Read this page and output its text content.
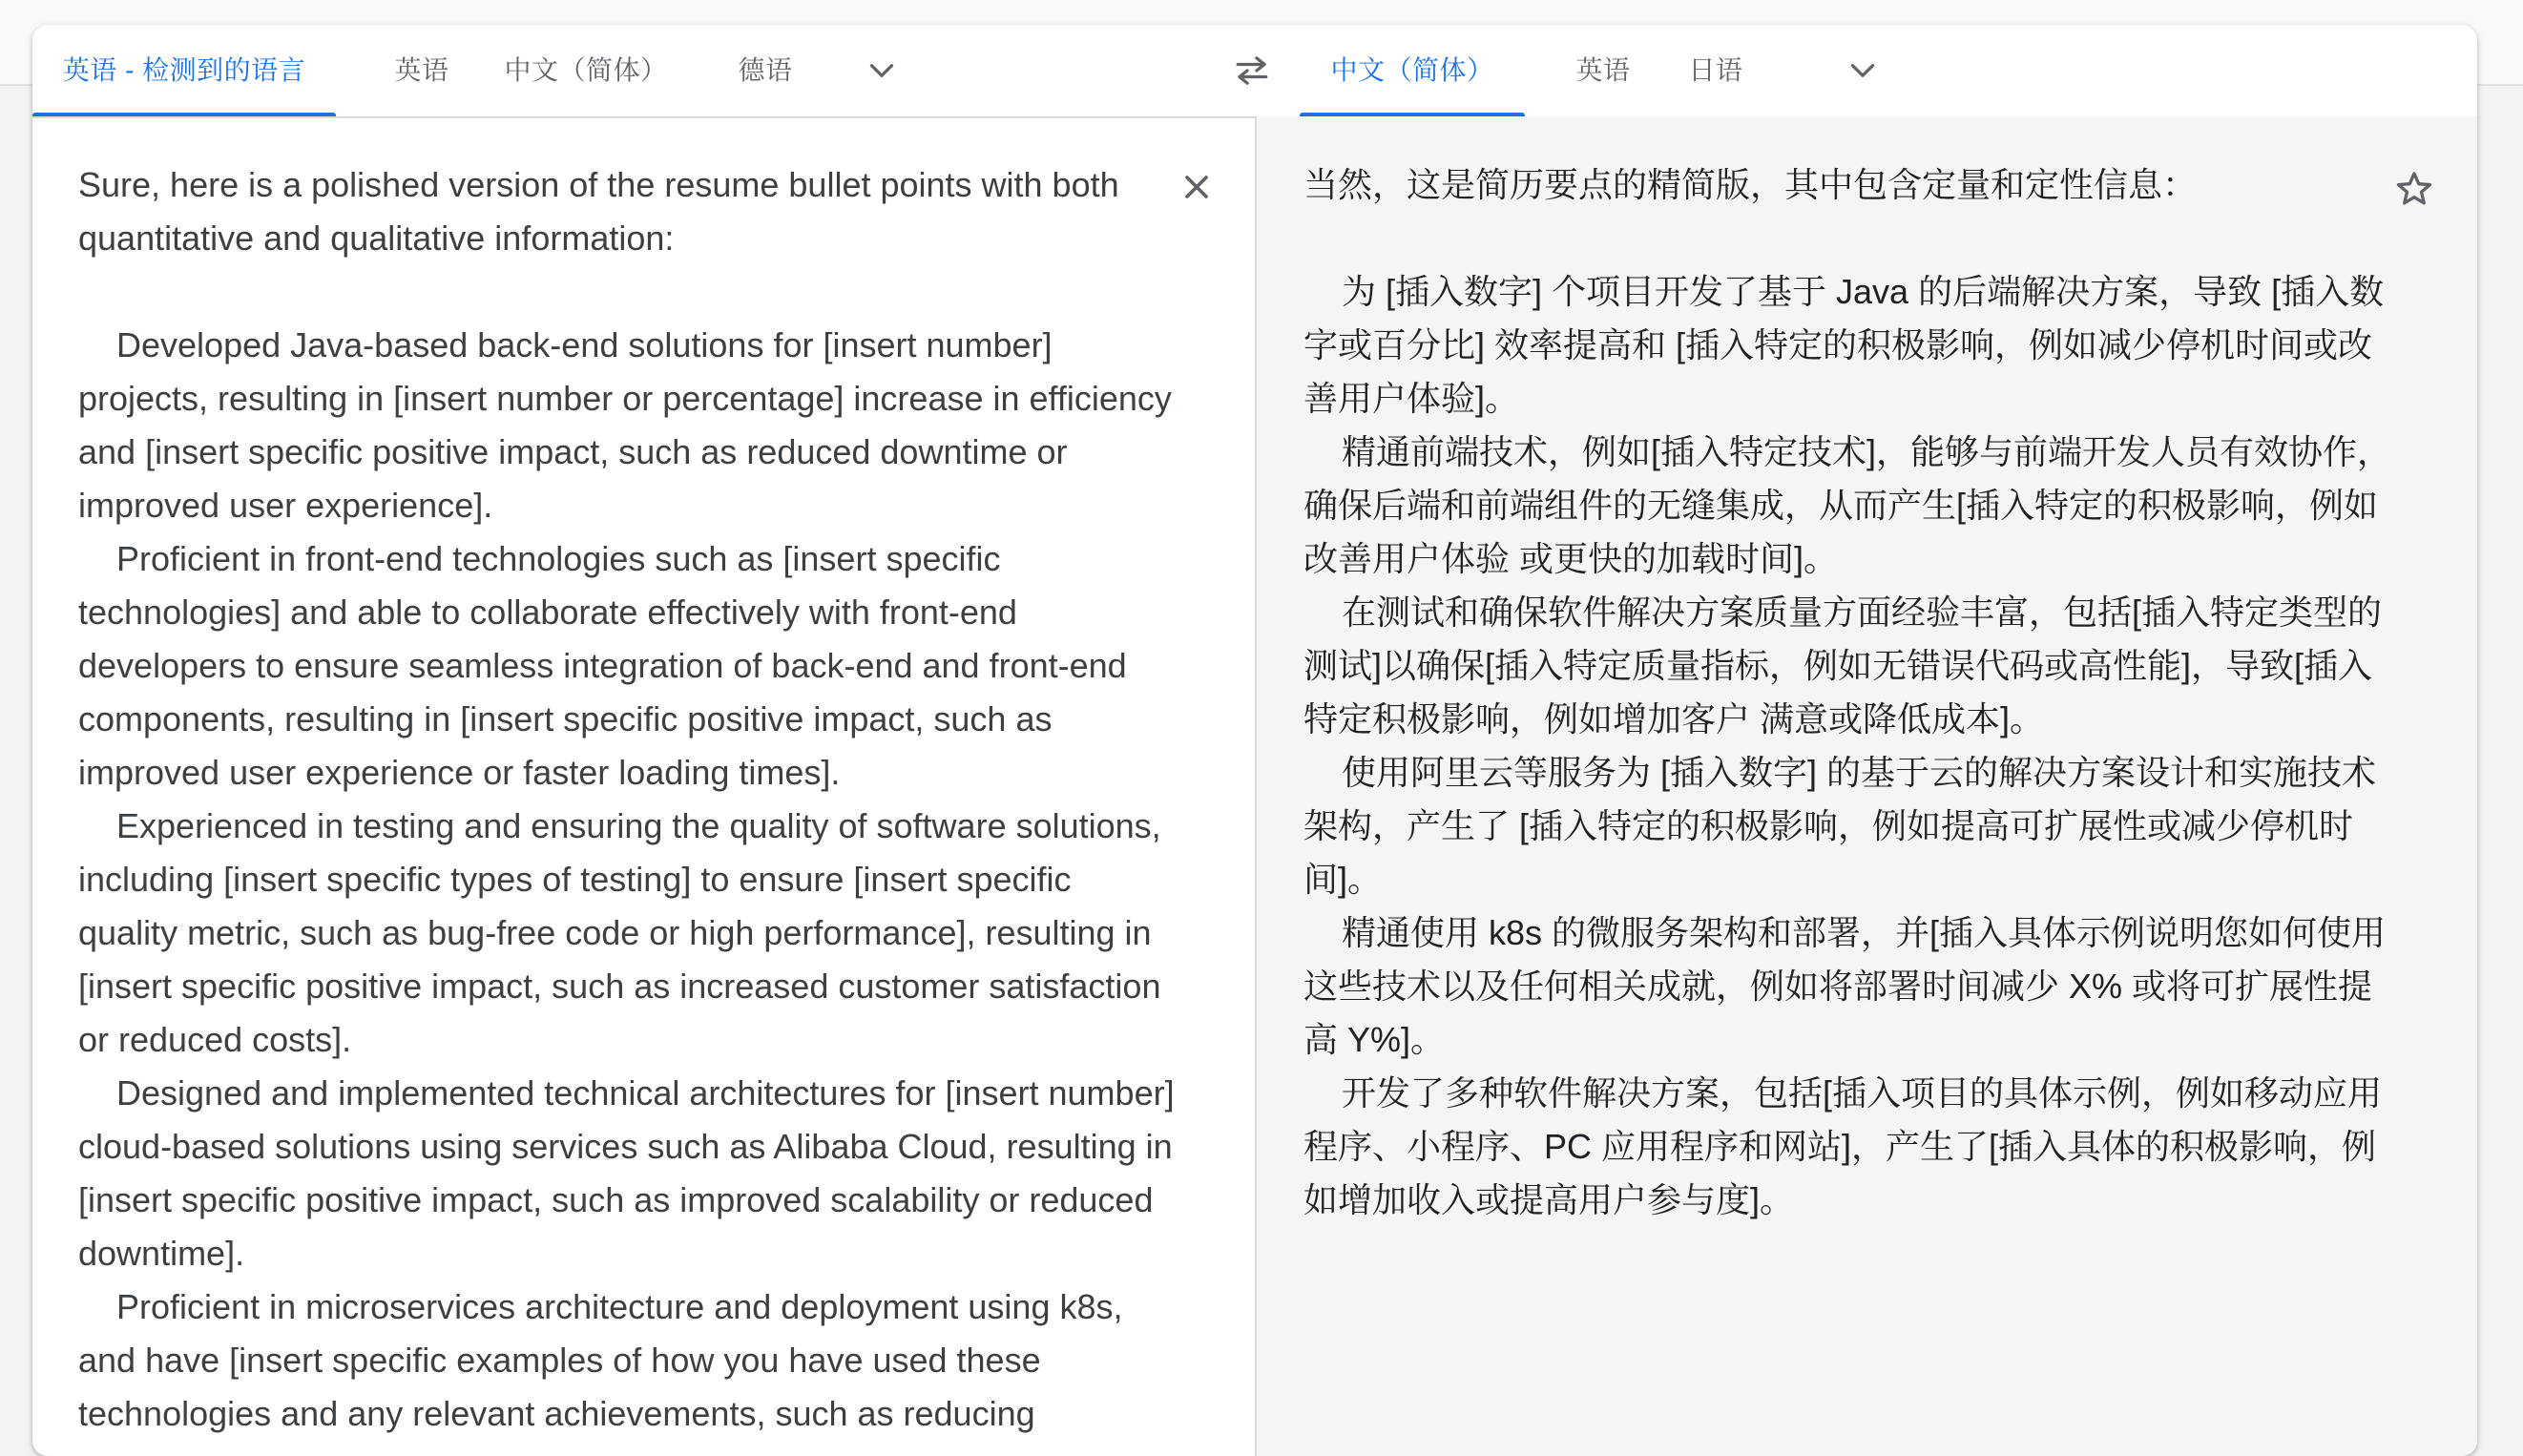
英语 - 检测到的语言	英语	中文（简体）	德语	中文（简体）	英语	日语
Sure, here is a polished version of the resume bullet points with both quantitative and qualitative information:

Developed Java-based back-end solutions for [insert number] projects, resulting in [insert number or percentage] increase in efficiency and [insert specific positive impact, such as reduced downtime or improved user experience].
Proficient in front-end technologies such as [insert specific technologies] and able to collaborate effectively with front-end developers to ensure seamless integration of back-end and front-end components, resulting in [insert specific positive impact, such as improved user experience or faster loading times].
Experienced in testing and ensuring the quality of software solutions, including [insert specific types of testing] to ensure [insert specific quality metric, such as bug-free code or high performance], resulting in [insert specific positive impact, such as increased customer satisfaction or reduced costs].
Designed and implemented technical architectures for [insert number] cloud-based solutions using services such as Alibaba Cloud, resulting in [insert specific positive impact, such as improved scalability or reduced downtime].
Proficient in microservices architecture and deployment using k8s, and have [insert specific examples of how you have used these technologies and any relevant achievements, such as reducing
当然，这是简历要点的精简版，其中包含定量和定性信息：

为 [插入数字] 个项目开发了基于 Java 的后端解决方案，导致 [插入数字或百分比] 效率提高和 [插入特定的积极影响，例如减少停机时间或改善用户体验]。
精通前端技术，例如[插入特定技术]，能够与前端开发人员有效协作，确保后端和前端组件的无缝集成，从而产生[插入特定的积极影响，例如改善用户体验 或更快的加载时间]。
在测试和确保软件解决方案质量方面经验丰富，包括[插入特定类型的测试]以确保[插入特定质量指标，例如无错误代码或高性能]，导致[插入特定积极影响，例如增加客户 满意或降低成本]。
使用阿里云等服务为 [插入数字] 的基于云的解决方案设计和实施技术架构，产生了 [插入特定的积极影响，例如提高可扩展性或减少停机时间]。
精通使用 k8s 的微服务架构和部署，并[插入具体示例说明您如何使用这些技术以及任何相关成就，例如将部署时间减少 X% 或将可扩展性提高 Y%]。
开发了多种软件解决方案，包括[插入项目的具体示例，例如移动应用程序、小程序、PC 应用程序和网站]，产生了[插入具体的积极影响，例如增加收入或提高用户参与度]。
